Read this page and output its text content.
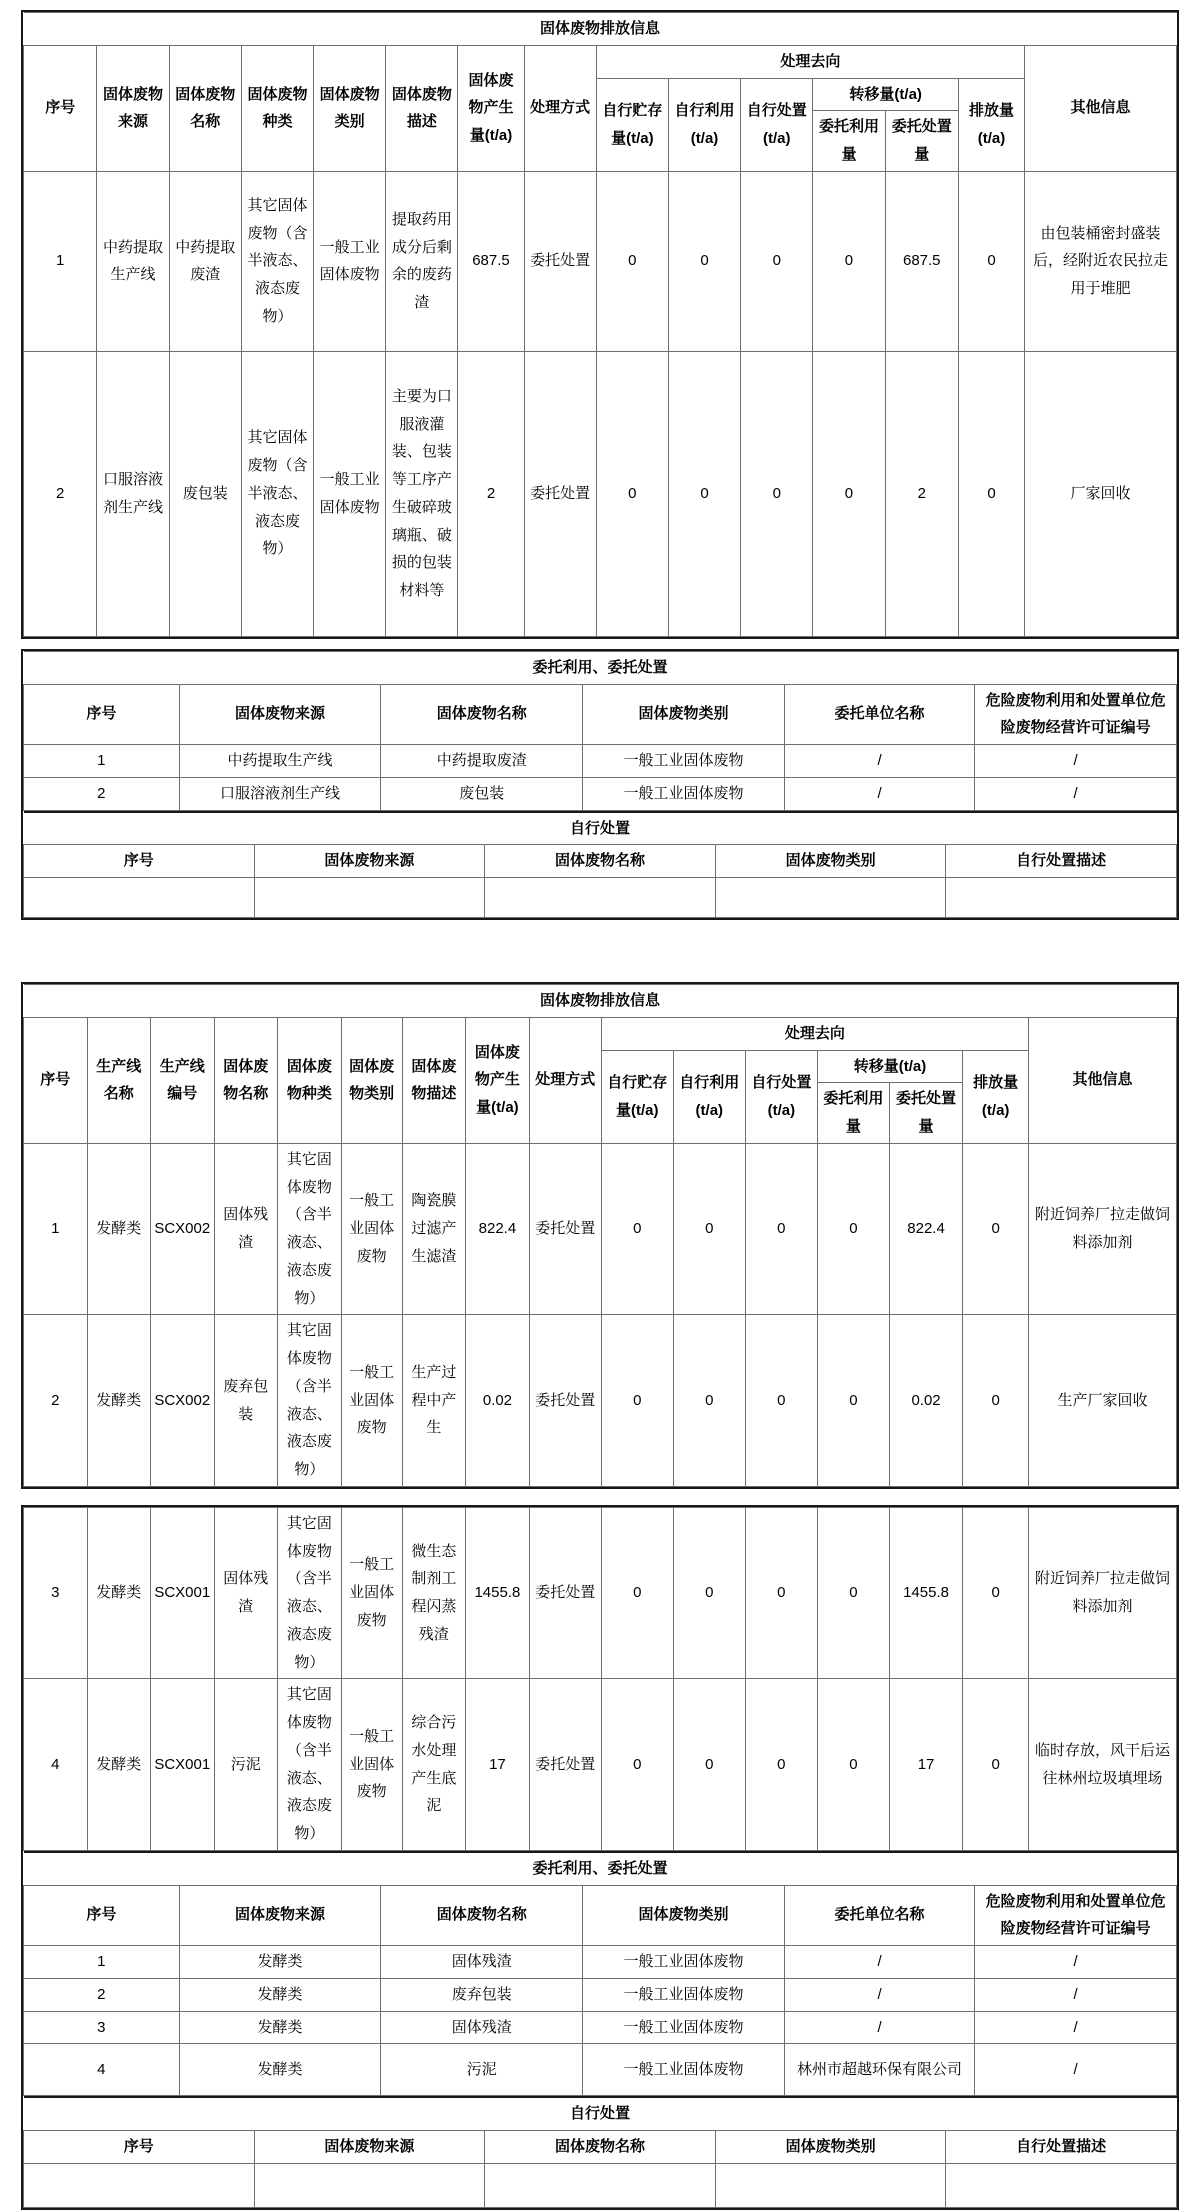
固体废物排放信息														
序号	固体废物来源	固体废物名称	固体废物种类	固体废物类别	固体废物描述	固体废物产生量(t/a)	处理方式	处理去向						其他信息
								自行贮存量(t/a)	自行利用(t/a)	自行处置(t/a)	转移量(t/a)		排放量(t/a)	
											委托利用量	委托处置量		
1	中药提取生产线	中药提取废渣	其它固体废物（含半液态、液态废物）	一般工业固体废物	提取药用成分后剩余的废药渣	687.5	委托处置	0	0	0	0	687.5	0	由包装桶密封盛装后，经附近农民拉走用于堆肥
2	口服溶液剂生产线	废包装	其它固体废物（含半液态、液态废物）	一般工业固体废物	主要为口服液灌装、包装等工序产生破碎玻璃瓶、破损的包装材料等	2	委托处置	0	0	0	0	2	0	厂家回收
委托利用、委托处置					
序号	固体废物来源	固体废物名称	固体废物类别	委托单位名称	危险废物利用和处置单位危险废物经营许可证编号
1	中药提取生产线	中药提取废渣	一般工业固体废物	/	/
2	口服溶液剂生产线	废包装	一般工业固体废物	/	/
自行处置				
序号	固体废物来源	固体废物名称	固体废物类别	自行处置描述

固体废物排放信息															
序号	生产线名称	生产线编号	固体废物名称	固体废物种类	固体废物类别	固体废物描述	固体废物产生量(t/a)	处理方式	处理去向						其他信息
									自行贮存量(t/a)	自行利用(t/a)	自行处置(t/a)	转移量(t/a)		排放量(t/a)	
												委托利用量	委托处置量		
1	发酵类	SCX002	固体残渣	其它固体废物（含半液态、液态废物）	一般工业固体废物	陶瓷膜过滤产生滤渣	822.4	委托处置	0	0	0	0	822.4	0	附近饲养厂拉走做饲料添加剂
2	发酵类	SCX002	废弃包装	其它固体废物（含半液态、液态废物）	一般工业固体废物	生产过程中产生	0.02	委托处置	0	0	0	0	0.02	0	生产厂家回收
3	发酵类	SCX001	固体残渣	其它固体废物（含半液态、液态废物）	一般工业固体废物	微生态制剂工程闪蒸残渣	1455.8	委托处置	0	0	0	0	1455.8	0	附近饲养厂拉走做饲料添加剂
4	发酵类	SCX001	污泥	其它固体废物（含半液态、液态废物）	一般工业固体废物	综合污水处理产生底泥	17	委托处置	0	0	0	0	17	0	临时存放，风干后运往林州垃圾填埋场
委托利用、委托处置					
序号	固体废物来源	固体废物名称	固体废物类别	委托单位名称	危险废物利用和处置单位危险废物经营许可证编号
1	发酵类	固体残渣	一般工业固体废物	/	/
2	发酵类	废弃包装	一般工业固体废物	/	/
3	发酵类	固体残渣	一般工业固体废物	/	/
4	发酵类	污泥	一般工业固体废物	林州市超越环保有限公司	/
自行处置				
序号	固体废物来源	固体废物名称	固体废物类别	自行处置描述
